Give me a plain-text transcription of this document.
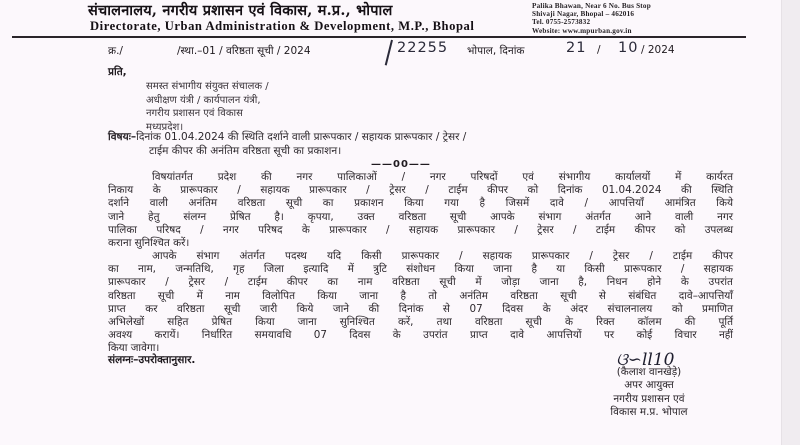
संचालनालय, नगरीय प्रशासन एवं विकास, म.प्र., भोपाल
Directorate, Urban Administration & Development, M.P., Bhopal
Palika Bhawan, Near 6 No. Bus Stop
Shivaji Nagar, Bhopal – 462016
Tel. 0755-2573832
Website: www.mpurban.gov.in
क्र./	/स्था.–01 / वरिष्ठता सूची / 2024	22255 भोपाल, दिनांक	21 / 10 / 2024
प्रति,
समस्त संभागीय संयुक्त संचालक /
अधीक्षण यंत्री / कार्यपालन यंत्री,
नगरीय प्रशासन एवं विकास
मध्यप्रदेश।
विषयः–दिनांक 01.04.2024 की स्थिति दर्शाने वाली प्रारूपकार / सहायक प्रारूपकार / ट्रेसर /
टाईम कीपर की अनंतिम वरिष्ठता सूची का प्रकाशन।
——00——
विषयांतर्गत प्रदेश की नगर पालिकाओं / नगर परिषदों एवं संभागीय कार्यालयों में कार्यरत
निकाय के प्रारूपकार / सहायक प्रारूपकार / ट्रेसर / टाईम कीपर को दिनांक 01.04.2024 की स्थिति
दर्शाने वाली अनंतिम वरिष्ठता सूची का प्रकाशन किया गया है जिसमें दावे / आपत्तियाँ आमंत्रित किये
जाने हेतु संलग्न प्रेषित है। कृपया, उक्त वरिष्ठता सूची आपके संभाग अंतर्गत आने वाली नगर
पालिका परिषद / नगर परिषद के प्रारूपकार / सहायक प्रारूपकार / ट्रेसर / टाईम कीपर को उपलब्ध
कराना सुनिश्चित करें।
आपके संभाग अंतर्गत पदस्थ यदि किसी प्रारूपकार / सहायक प्रारूपकार / ट्रेसर / टाईम कीपर
का नाम, जन्मतिथि, गृह जिला इत्यादि में त्रुटि संशोधन किया जाना है या किसी प्रारूपकार / सहायक
प्रारूपकार / ट्रेसर / टाईम कीपर का नाम वरिष्ठता सूची में जोड़ा जाना है, निधन होने के उपरांत
वरिष्ठता सूची में नाम विलोपित किया जाना है तो अनंतिम वरिष्ठता सूची से संबंधित दावे–आपत्तियाँ
प्राप्त कर वरिष्ठता सूची जारी किये जाने की दिनांक से 07 दिवस के अंदर संचालनालय को प्रमाणित
अभिलेखों सहित प्रेषित किया जाना सुनिश्चित करें, तथा वरिष्ठता सूची के रिक्त कॉलम की पूर्ति
अवश्य करायें। निर्धारित समयावधि 07 दिवस के उपरांत प्राप्त दावे आपत्तियों पर कोई विचार नहीं
किया जावेगा।
संलग्नः–उपरोक्तानुसार.	ଓ∽ll10
(कैलाश वानखेड़े)
अपर आयुक्त
नगरीय प्रशासन एवं
विकास म.प्र. भोपाल
